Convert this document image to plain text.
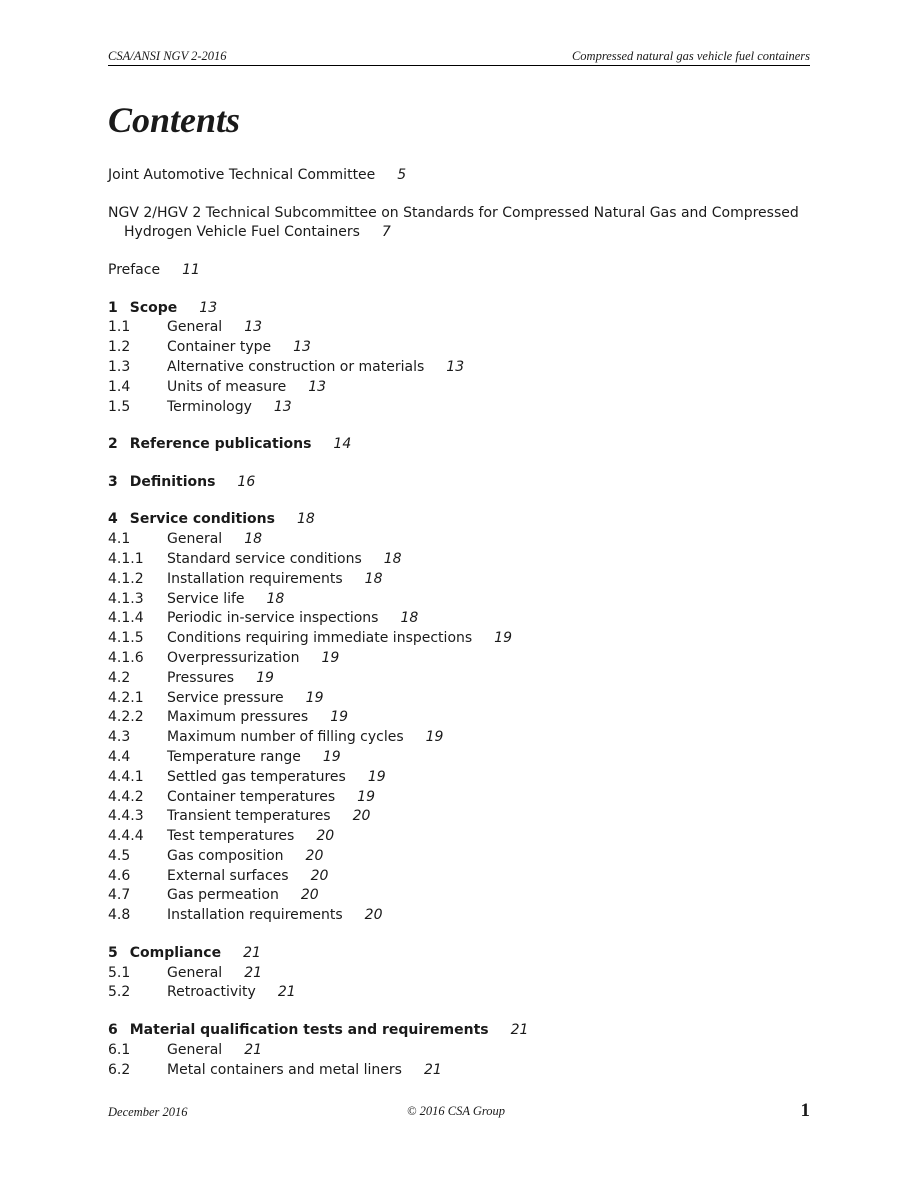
CSA/ANSI NGV 2-2016	Compressed natural gas vehicle fuel containers
Contents
Joint Automotive Technical Committee 5
NGV 2/HGV 2 Technical Subcommittee on Standards for Compressed Natural Gas and Compressed
Hydrogen Vehicle Fuel Containers 7
Preface 11
1 Scope 13
1.1	General 13
1.2	Container type 13
1.3	Alternative construction or materials 13
1.4	Units of measure 13
1.5	Terminology 13
2 Reference publications 14
3 Definitions 16
4 Service conditions 18
4.1	General 18
4.1.1 Standard service conditions 18
4.1.2 Installation requirements 18
4.1.3 Service life 18
4.1.4 Periodic in-service inspections 18
4.1.5 Conditions requiring immediate inspections 19
4.1.6 Overpressurization 19
4.2	Pressures 19
4.2.1 Service pressure 19
4.2.2 Maximum pressures 19
4.3	Maximum number of filling cycles 19
4.4	Temperature range 19
4.4.1 Settled gas temperatures 19
4.4.2 Container temperatures 19
4.4.3 Transient temperatures 20
4.4.4 Test temperatures 20
4.5	Gas composition 20
4.6	External surfaces 20
4.7	Gas permeation 20
4.8	Installation requirements 20
5 Compliance 21
5.1	General 21
5.2	Retroactivity 21
6 Material qualification tests and requirements 21
6.1	General 21
6.2	Metal containers and metal liners 21
December 2016	© 2016 CSA Group	1
